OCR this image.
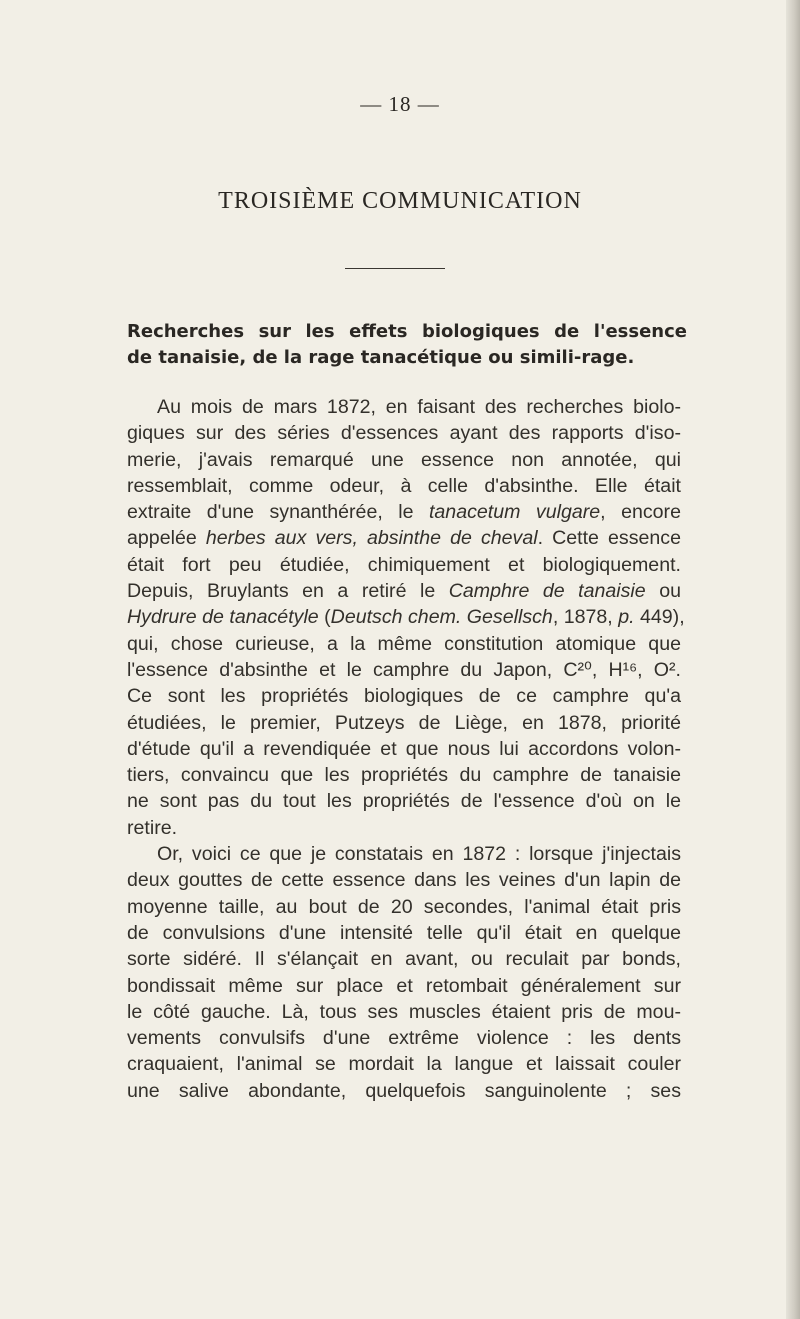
— 18 —
TROISIÈME COMMUNICATION
Recherches sur les effets biologiques de l'essence
de tanaisie, de la rage tanacétique ou simili-rage.
Au mois de mars 1872, en faisant des recherches biolo-
giques sur des séries d'essences ayant des rapports d'iso-
merie, j'avais remarqué une essence non annotée, qui
ressemblait, comme odeur, à celle d'absinthe. Elle était
extraite d'une synanthérée, le tanacetum vulgare, encore
appelée herbes aux vers, absinthe de cheval. Cette essence
était fort peu étudiée, chimiquement et biologiquement.
Depuis, Bruylants en a retiré le Camphre de tanaisie ou
Hydrure de tanacétyle (Deutsch chem. Gesellsch, 1878, p. 449),
qui, chose curieuse, a la même constitution atomique que
l'essence d'absinthe et le camphre du Japon, C²⁰, H¹⁶, O².
Ce sont les propriétés biologiques de ce camphre qu'a
étudiées, le premier, Putzeys de Liège, en 1878, priorité
d'étude qu'il a revendiquée et que nous lui accordons volon-
tiers, convaincu que les propriétés du camphre de tanaisie
ne sont pas du tout les propriétés de l'essence d'où on le
retire.
Or, voici ce que je constatais en 1872 : lorsque j'injectais
deux gouttes de cette essence dans les veines d'un lapin de
moyenne taille, au bout de 20 secondes, l'animal était pris
de convulsions d'une intensité telle qu'il était en quelque
sorte sidéré. Il s'élançait en avant, ou reculait par bonds,
bondissait même sur place et retombait généralement sur
le côté gauche. Là, tous ses muscles étaient pris de mou-
vements convulsifs d'une extrême violence : les dents
craquaient, l'animal se mordait la langue et laissait couler
une salive abondante, quelquefois sanguinolente ; ses
